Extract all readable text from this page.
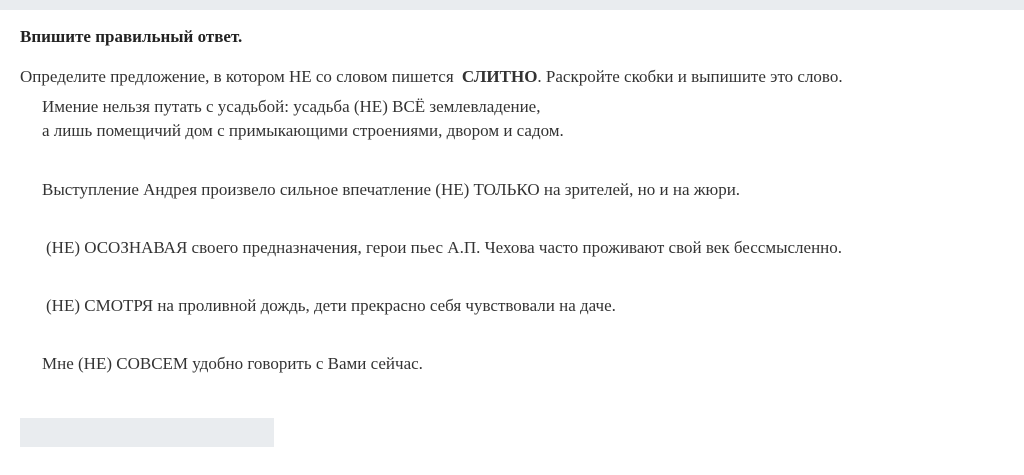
Впишите правильный ответ.
Определите предложение, в котором НЕ со словом пишется СЛИТНО. Раскройте скобки и выпишите это слово.
Имение нельзя путать с усадьбой: усадьба (НЕ) ВСЁ землевладение,
а лишь помещичий дом с примыкающими строениями, двором и садом.
Выступление Андрея произвело сильное впечатление (НЕ) ТОЛЬКО на зрителей, но и на жюри.
(НЕ) ОСОЗНАВАЯ своего предназначения, герои пьес А.П. Чехова часто проживают свой век бессмысленно.
(НЕ) СМОТРЯ на проливной дождь, дети прекрасно себя чувствовали на даче.
Мне (НЕ) СОВСЕМ удобно говорить с Вами сейчас.
